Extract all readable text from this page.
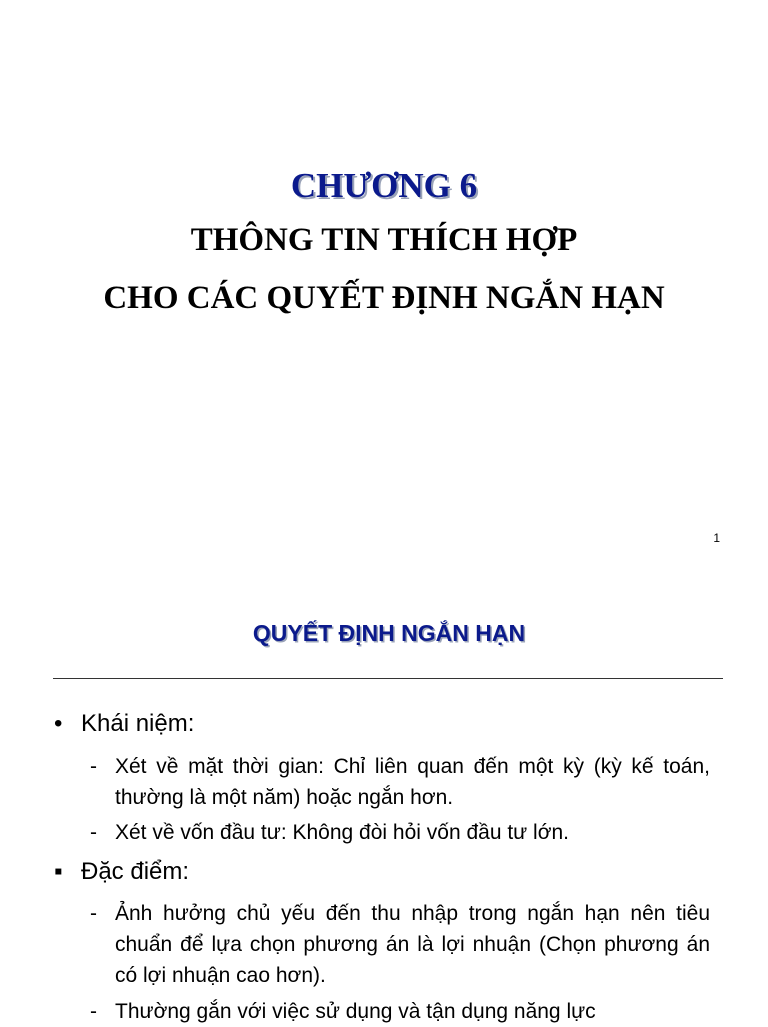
CHƯƠNG 6
THÔNG TIN THÍCH HỢP
CHO CÁC QUYẾT ĐỊNH NGẮN HẠN
1
QUYẾT ĐỊNH NGẮN HẠN
• Khái niệm:
- Xét về mặt thời gian: Chỉ liên quan đến một kỳ (kỳ kế toán, thường là một năm) hoặc ngắn hơn.
- Xét về vốn đầu tư: Không đòi hỏi vốn đầu tư lớn.
▪ Đặc điểm:
- Ảnh hưởng chủ yếu đến thu nhập trong ngắn hạn nên tiêu chuẩn để lựa chọn phương án là lợi nhuận (Chọn phương án có lợi nhuận cao hơn).
- Thường gắn với việc sử dụng và tận dụng năng lực
